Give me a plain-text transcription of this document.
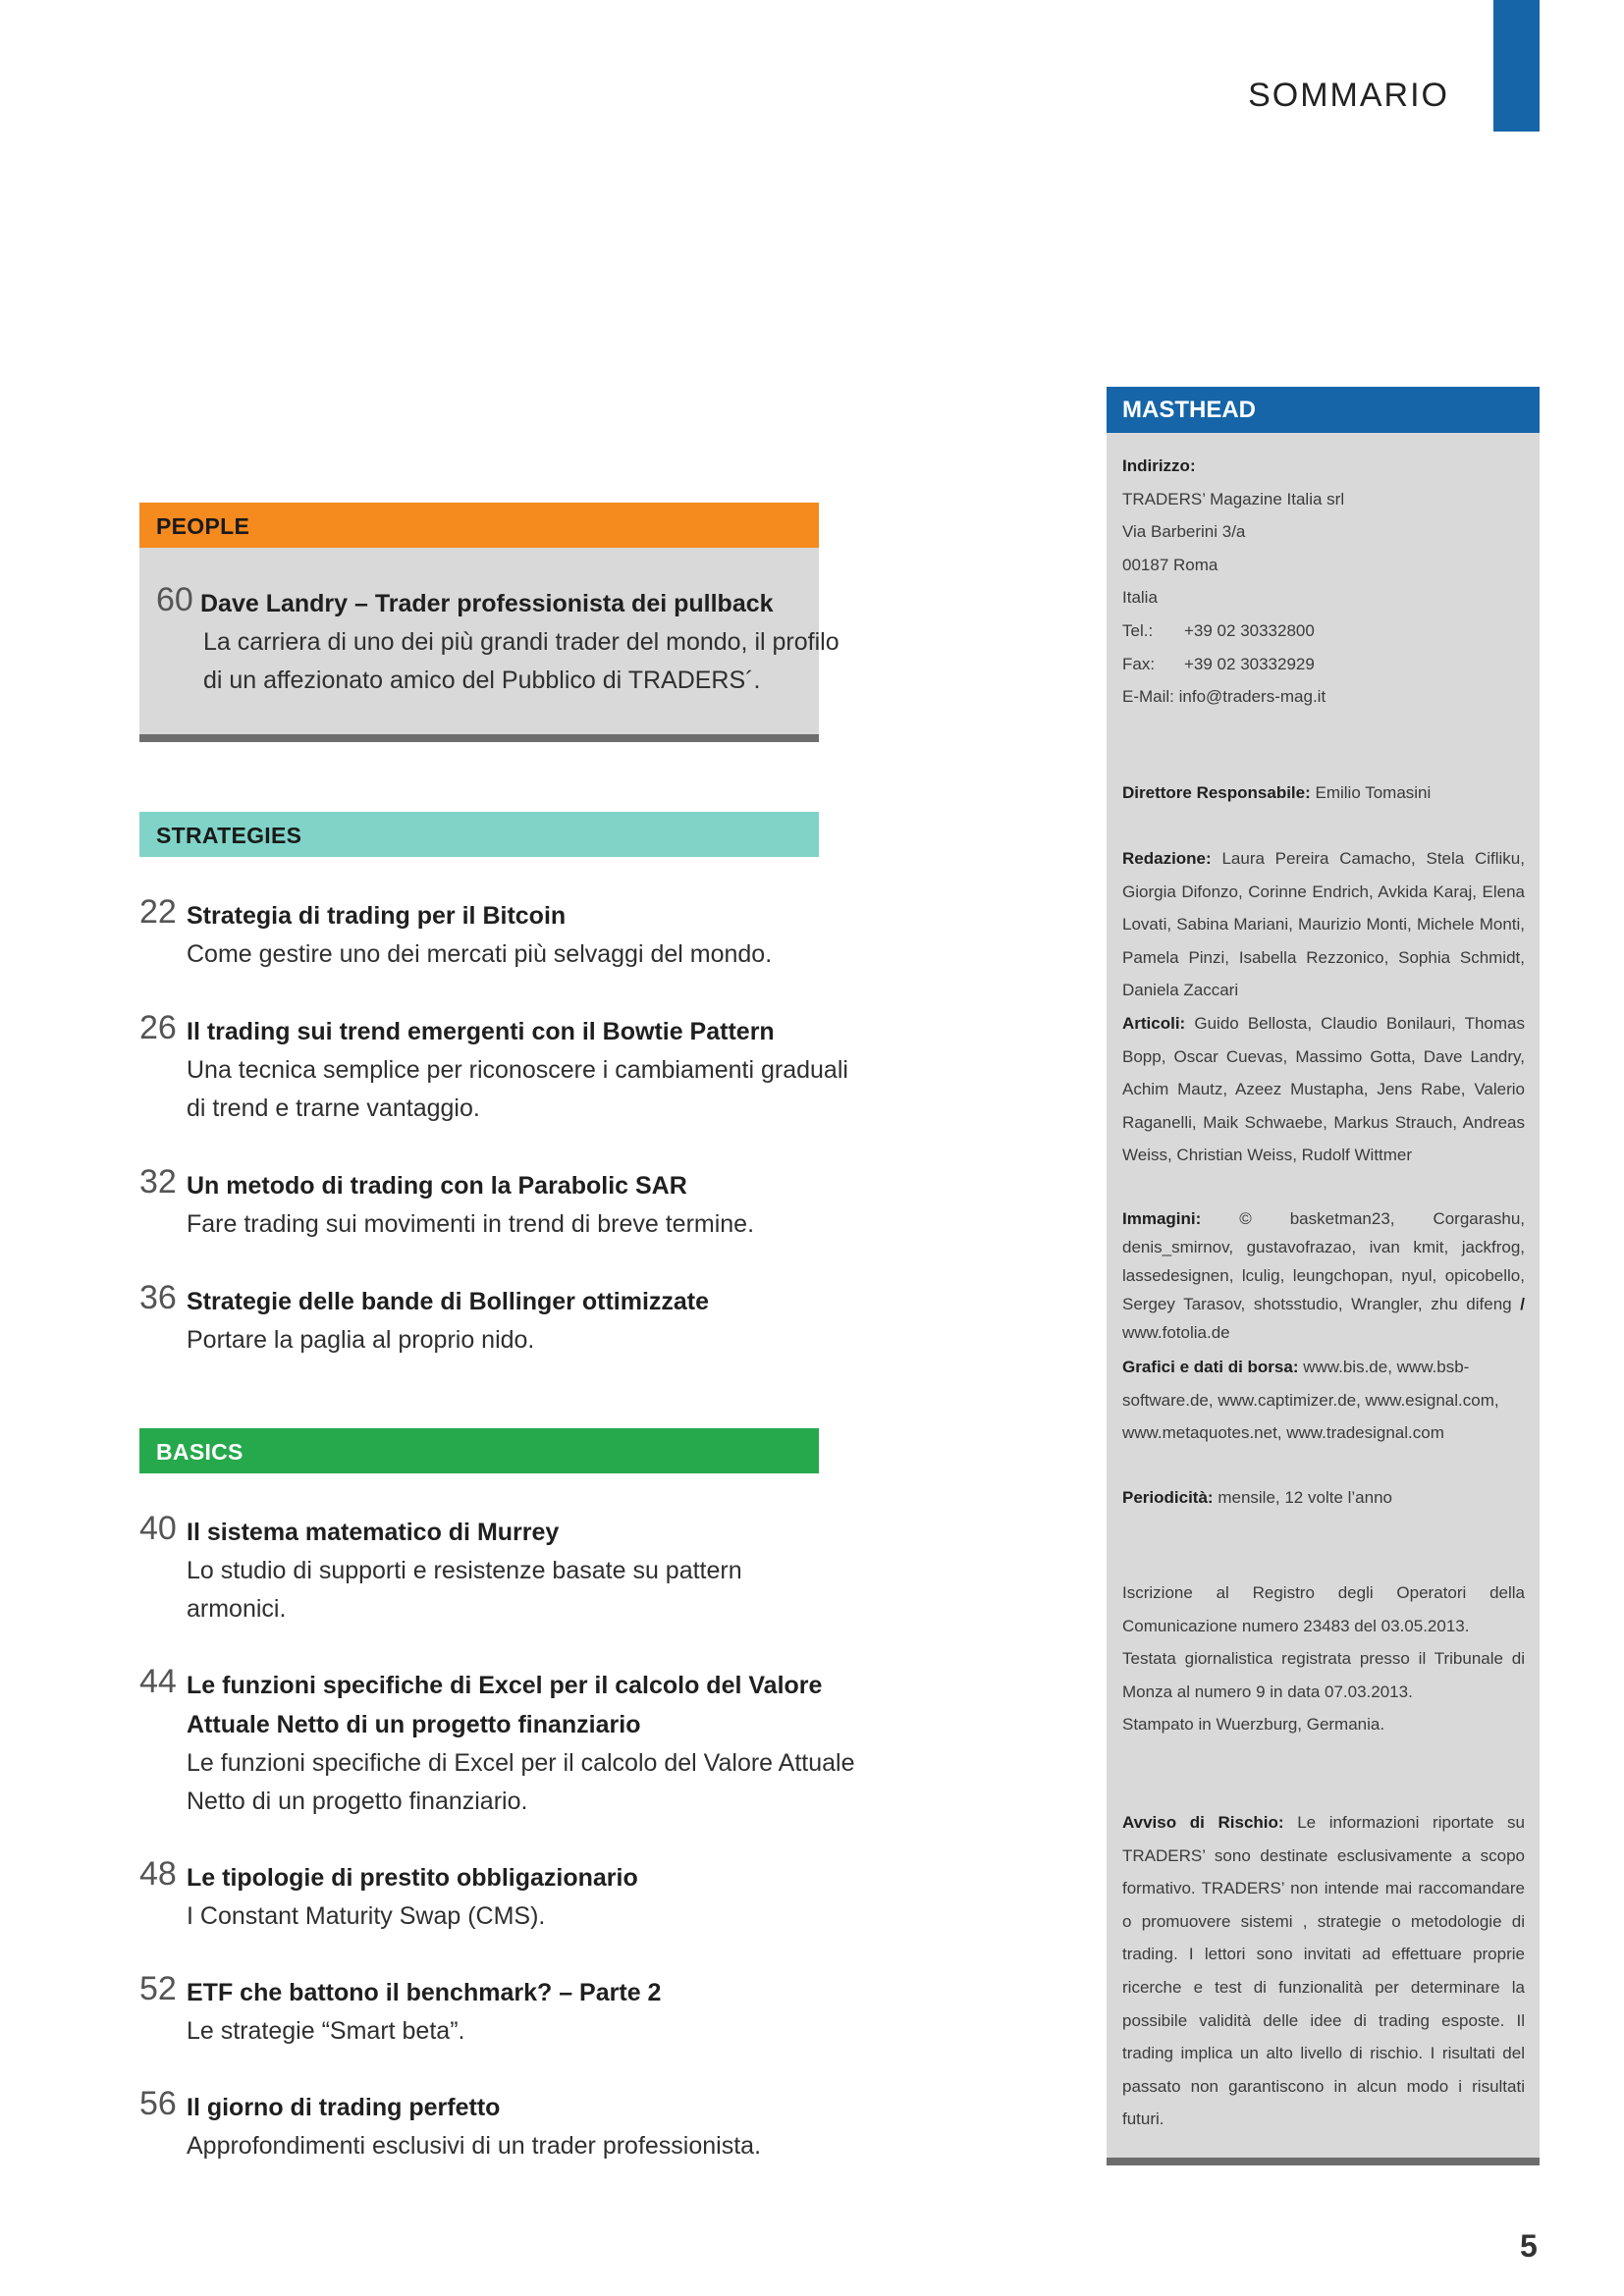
SOMMARIO
PEOPLE
60 Dave Landry – Trader professionista dei pullback
La carriera di uno dei più grandi trader del mondo, il profilo
di un affezionato amico del Pubblico di TRADERS´.
STRATEGIES
22 Strategia di trading per il Bitcoin
Come gestire uno dei mercati più selvaggi del mondo.
26 Il trading sui trend emergenti con il Bowtie Pattern
Una tecnica semplice per riconoscere i cambiamenti graduali
di trend e trarne vantaggio.
32 Un metodo di trading con la Parabolic SAR
Fare trading sui movimenti in trend di breve termine.
36 Strategie delle bande di Bollinger ottimizzate
Portare la paglia al proprio nido.
BASICS
40 Il sistema matematico di Murrey
Lo studio di supporti e resistenze basate su pattern
armonici.
44 Le funzioni specifiche di Excel per il calcolo del Valore
Attuale Netto di un progetto finanziario
Le funzioni specifiche di Excel per il calcolo del Valore Attuale
Netto di un progetto finanziario.
48 Le tipologie di prestito obbligazionario
I Constant Maturity Swap (CMS).
52 ETF che battono il benchmark? – Parte 2
Le strategie “Smart beta”.
56 Il giorno di trading perfetto
Approfondimenti esclusivi di un trader professionista.
MASTHEAD
Indirizzo:
TRADERS’ Magazine Italia srl
Via Barberini 3/a
00187 Roma
Italia
Tel.: +39 02 30332800
Fax: +39 02 30332929
E-Mail: info@traders-mag.it
Direttore Responsabile: Emilio Tomasini
Redazione: Laura Pereira Camacho, Stela Cifliku, Giorgia Difonzo, Corinne Endrich, Avkida Karaj, Elena Lovati, Sabina Mariani, Maurizio Monti, Michele Monti, Pamela Pinzi, Isabella Rezzonico, Sophia Schmidt, Daniela Zaccari
Articoli: Guido Bellosta, Claudio Bonilauri, Thomas Bopp, Oscar Cuevas, Massimo Gotta, Dave Landry, Achim Mautz, Azeez Mustapha, Jens Rabe, Valerio Raganelli, Maik Schwaebe, Markus Strauch, Andreas Weiss, Christian Weiss, Rudolf Wittmer
Immagini: © basketman23, Corgarashu, denis_smirnov, gustavofrazao, ivan kmit, jackfrog, lassedesignen, lculig, leungchopan, nyul, opicobello, Sergey Tarasov, shotsstudio, Wrangler, zhu difeng / www.fotolia.de
Grafici e dati di borsa: www.bis.de, www.bsb-software.de, www.captimizer.de, www.esignal.com, www.metaquotes.net, www.tradesignal.com
Periodicità: mensile, 12 volte l’anno
Iscrizione al Registro degli Operatori della Comunicazione numero 23483 del 03.05.2013.
Testata giornalistica registrata presso il Tribunale di Monza al numero 9 in data 07.03.2013.
Stampato in Wuerzburg, Germania.
Avviso di Rischio: Le informazioni riportate su TRADERS’ sono destinate esclusivamente a scopo formativo. TRADERS’ non intende mai raccomandare o promuovere sistemi , strategie o metodologie di trading. I lettori sono invitati ad effettuare proprie ricerche e test di funzionalità per determinare la possibile validità delle idee di trading esposte. Il trading implica un alto livello di rischio. I risultati del passato non garantiscono in alcun modo i risultati futuri.
5
